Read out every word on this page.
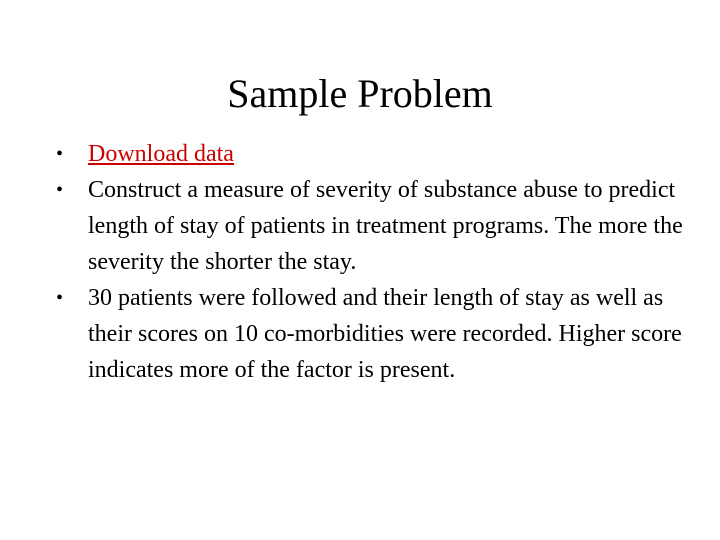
Sample Problem
• Download data
• Construct a measure of severity of substance abuse to predict length of stay of patients in treatment programs. The more the severity the shorter the stay.
• 30 patients were followed and their length of stay as well as their scores on 10 co-morbidities were recorded. Higher score indicates more of the factor is present.
